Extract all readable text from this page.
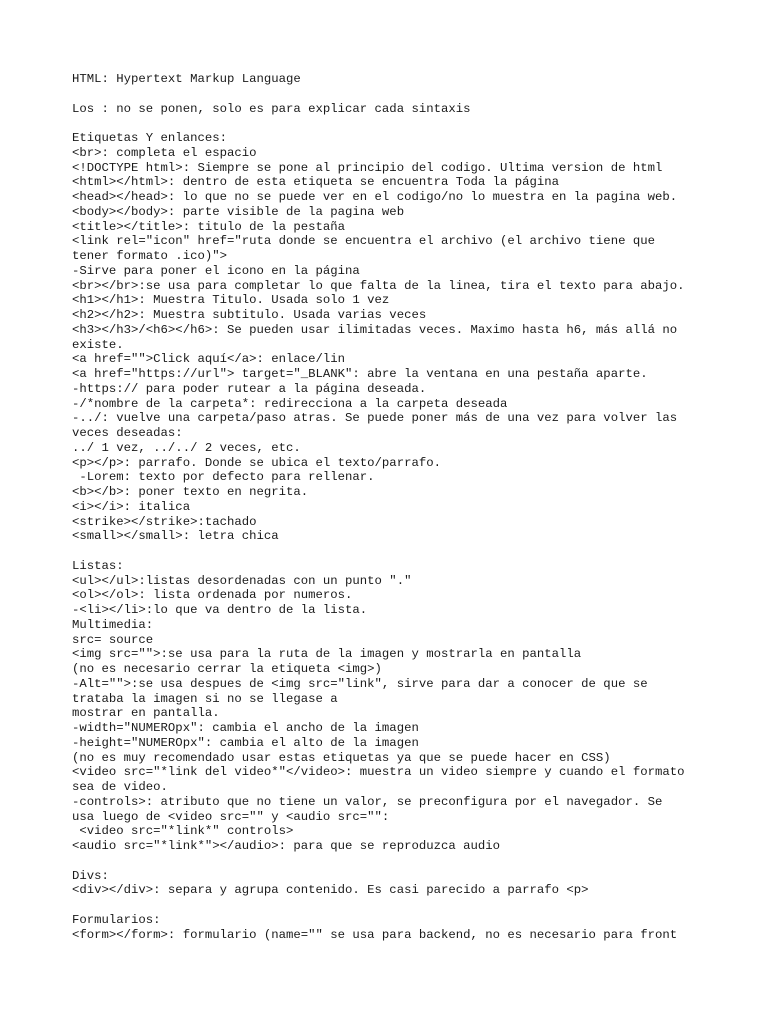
HTML: Hypertext Markup Language
Los : no se ponen, solo es para explicar cada sintaxis
Etiquetas Y enlances:
<br>: completa el espacio
<!DOCTYPE html>: Siempre se pone al principio del codigo. Ultima version de html
<html></html>: dentro de esta etiqueta se encuentra Toda la página
<head></head>: lo que no se puede ver en el codigo/no lo muestra en la pagina web.
<body></body>: parte visible de la pagina web
<title></title>: titulo de la pestaña
<link rel="icon" href="ruta donde se encuentra el archivo (el archivo tiene que
tener formato .ico)">
-Sirve para poner el icono en la página
<br></br>:se usa para completar lo que falta de la linea, tira el texto para abajo.
<h1></h1>: Muestra Titulo. Usada solo 1 vez
<h2></h2>: Muestra subtitulo. Usada varias veces
<h3></h3>/<h6></h6>: Se pueden usar ilimitadas veces. Maximo hasta h6, más allá no
existe.
<a href="">Click aquí</a>: enlace/lin
<a href="https://url"> target="_BLANK": abre la ventana en una pestaña aparte.
-https:// para poder rutear a la página deseada.
-/*nombre de la carpeta*: redirecciona a la carpeta deseada
-../: vuelve una carpeta/paso atras. Se puede poner más de una vez para volver las
veces deseadas:
../ 1 vez, ../../ 2 veces, etc.
<p></p>: parrafo. Donde se ubica el texto/parrafo.
-Lorem: texto por defecto para rellenar.
<b></b>: poner texto en negrita.
<i></i>: italica
<strike></strike>:tachado
<small></small>: letra chica
Listas:
<ul></ul>:listas desordenadas con un punto "."
<ol></ol>: lista ordenada por numeros.
-<li></li>:lo que va dentro de la lista.
Multimedia:
src= source
<img src="">:se usa para la ruta de la imagen y mostrarla en pantalla
(no es necesario cerrar la etiqueta <img>)
-Alt="">:se usa despues de <img src="link", sirve para dar a conocer de que se
trataba la imagen si no se llegase a
mostrar en pantalla.
-width="NUMEROpx": cambia el ancho de la imagen
-height="NUMEROpx": cambia el alto de la imagen
(no es muy recomendado usar estas etiquetas ya que se puede hacer en CSS)
<video src="*link del video*"</video>: muestra un video siempre y cuando el formato
sea de video.
-controls>: atributo que no tiene un valor, se preconfigura por el navegador. Se
usa luego de <video src="" y <audio src="":
<video src="*link*" controls>
<audio src="*link*"></audio>: para que se reproduzca audio
Divs:
<div></div>: separa y agrupa contenido. Es casi parecido a parrafo <p>
Formularios:
<form></form>: formulario (name="" se usa para backend, no es necesario para front
